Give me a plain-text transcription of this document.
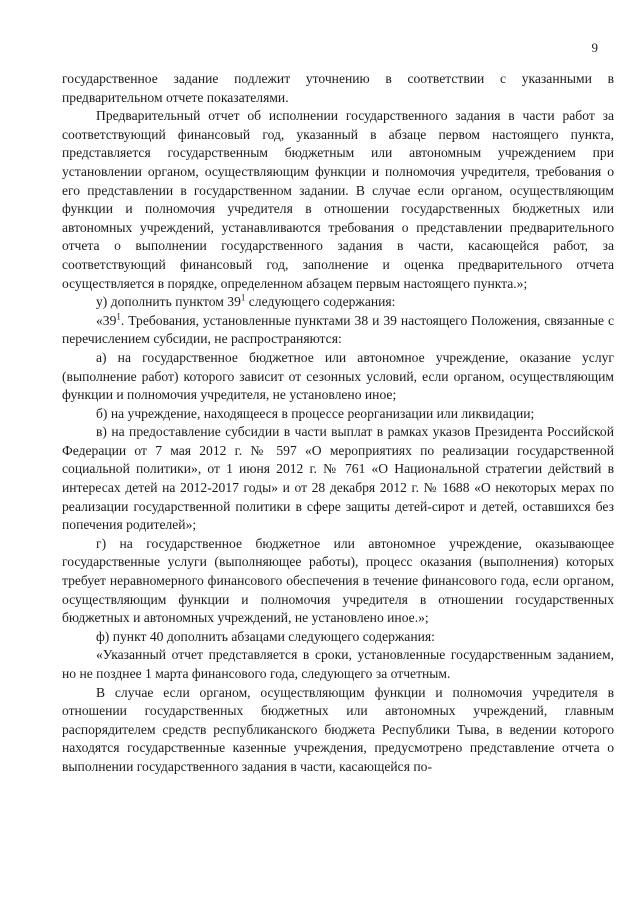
9

государственное задание подлежит уточнению в соответствии с указанными в предварительном отчете показателями.

Предварительный отчет об исполнении государственного задания в части работ за соответствующий финансовый год, указанный в абзаце первом настоящего пункта, представляется государственным бюджетным или автономным учреждением при установлении органом, осуществляющим функции и полномочия учредителя, требования о его представлении в государственном задании. В случае если органом, осуществляющим функции и полномочия учредителя в отношении государственных бюджетных или автономных учреждений, устанавливаются требования о представлении предварительного отчета о выполнении государственного задания в части, касающейся работ, за соответствующий финансовый год, заполнение и оценка предварительного отчета осуществляется в порядке, определенном абзацем первым настоящего пункта.»;

у) дополнить пунктом $39^1$ следующего содержания:

«$39^1$. Требования, установленные пунктами 38 и 39 настоящего Положения, связанные с перечислением субсидии, не распространяются:

а) на государственное бюджетное или автономное учреждение, оказание услуг (выполнение работ) которого зависит от сезонных условий, если органом, осуществляющим функции и полномочия учредителя, не установлено иное;

б) на учреждение, находящееся в процессе реорганизации или ликвидации;

в) на предоставление субсидии в части выплат в рамках указов Президента Российской Федерации от 7 мая 2012 г. № 597 «О мероприятиях по реализации государственной социальной политики», от 1 июня 2012 г. № 761 «О Национальной стратегии действий в интересах детей на 2012-2017 годы» и от 28 декабря 2012 г. № 1688 «О некоторых мерах по реализации государственной политики в сфере защиты детей-сирот и детей, оставшихся без попечения родителей»;

г) на государственное бюджетное или автономное учреждение, оказывающее государственные услуги (выполняющее работы), процесс оказания (выполнения) которых требует неравномерного финансового обеспечения в течение финансового года, если органом, осуществляющим функции и полномочия учредителя в отношении государственных бюджетных и автономных учреждений, не установлено иное.»;

ф) пункт 40 дополнить абзацами следующего содержания:

«Указанный отчет представляется в сроки, установленные государственным заданием, но не позднее 1 марта финансового года, следующего за отчетным.

В случае если органом, осуществляющим функции и полномочия учредителя в отношении государственных бюджетных или автономных учреждений, главным распорядителем средств республиканского бюджета Республики Тыва, в ведении которого находятся государственные казенные учреждения, предусмотрено представление отчета о выполнении государственного задания в части, касающейся по-
